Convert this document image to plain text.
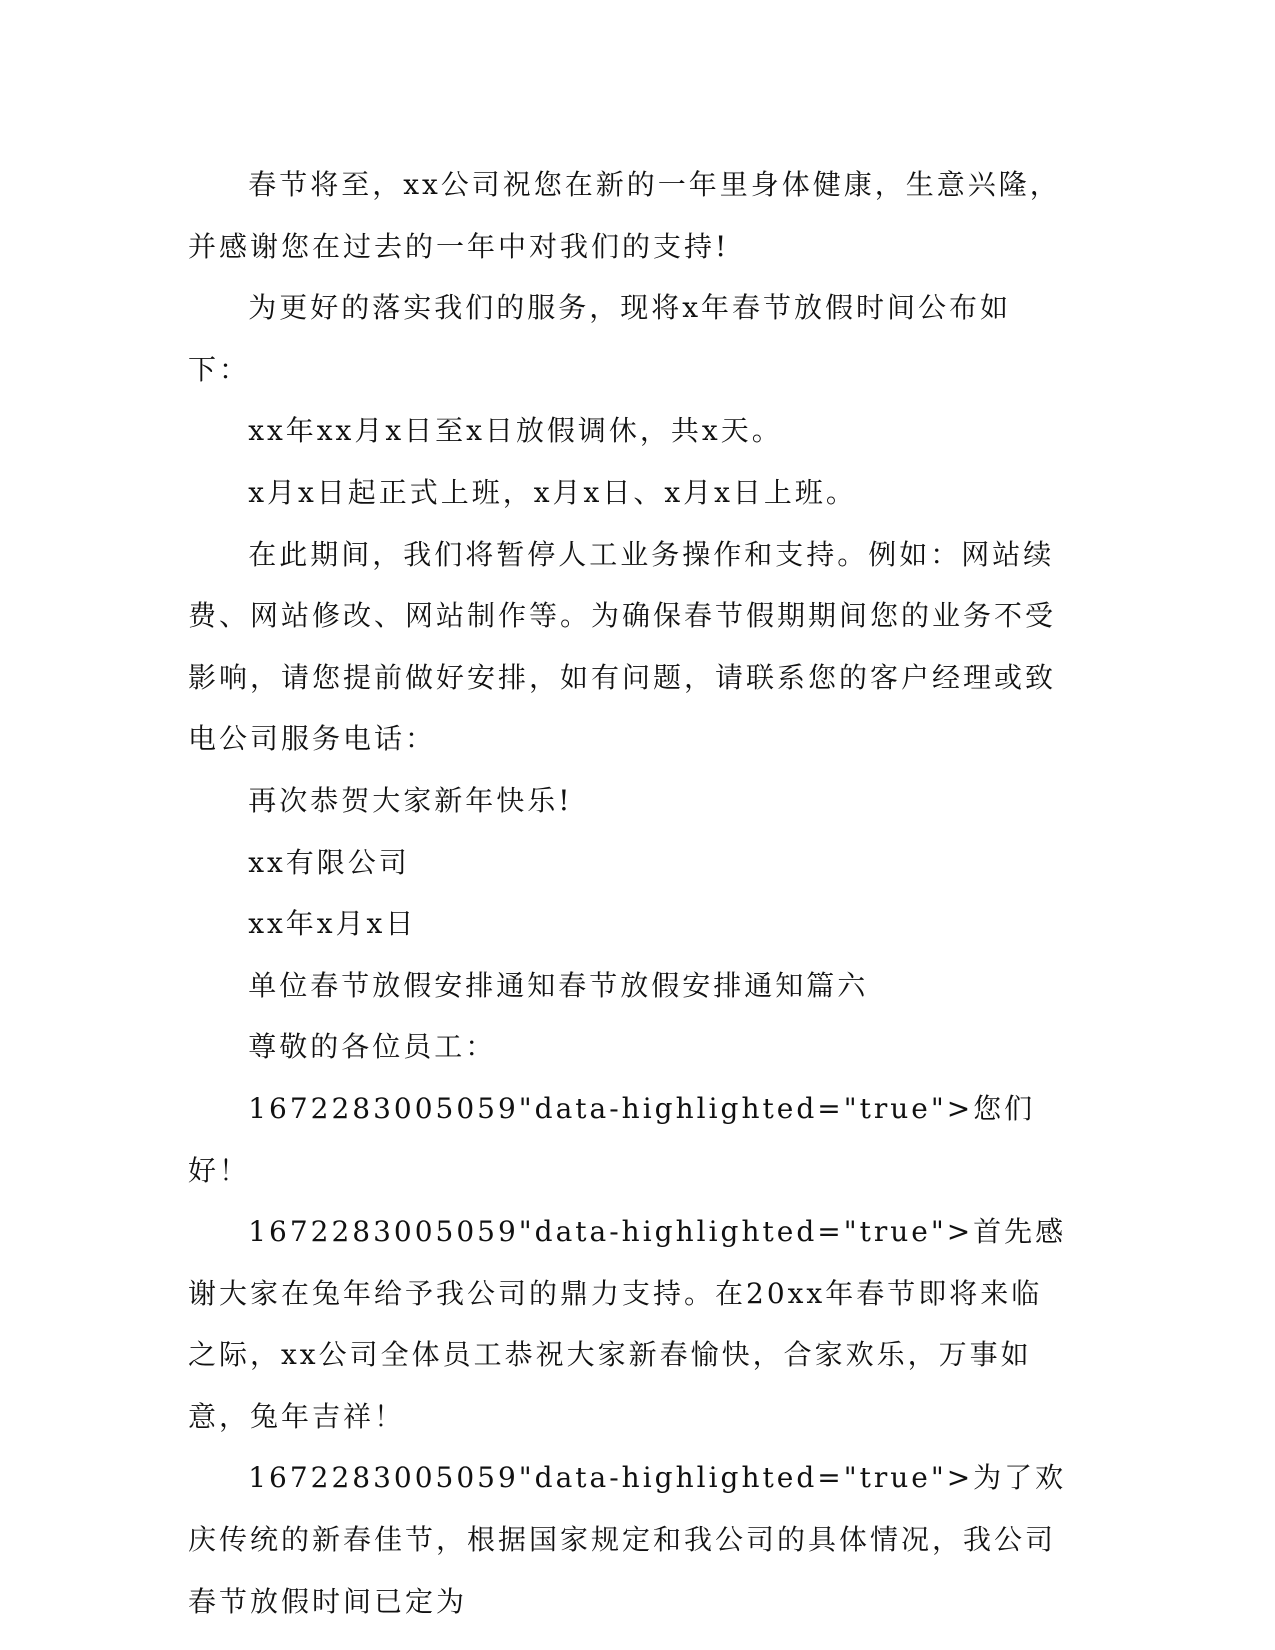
春节将至，xx公司祝您在新的一年里身体健康，生意兴隆，并感谢您在过去的一年中对我们的支持!

为更好的落实我们的服务，现将x年春节放假时间公布如下：

xx年xx月x日至x日放假调休，共x天。

x月x日起正式上班，x月x日、x月x日上班。

在此期间，我们将暂停人工业务操作和支持。例如：网站续费、网站修改、网站制作等。为确保春节假期期间您的业务不受影响，请您提前做好安排，如有问题，请联系您的客户经理或致电公司服务电话：

再次恭贺大家新年快乐!

xx有限公司

xx年x月x日

单位春节放假安排通知春节放假安排通知篇六

尊敬的各位员工：

1672283005059"data-highlighted="true">您们好！

1672283005059"data-highlighted="true">首先感谢大家在兔年给予我公司的鼎力支持。在20xx年春节即将来临之际，xx公司全体员工恭祝大家新春愉快，合家欢乐，万事如意，兔年吉祥！

1672283005059"data-highlighted="true">为了欢庆传统的新春佳节，根据国家规定和我公司的具体情况，我公司春节放假时间已定为
